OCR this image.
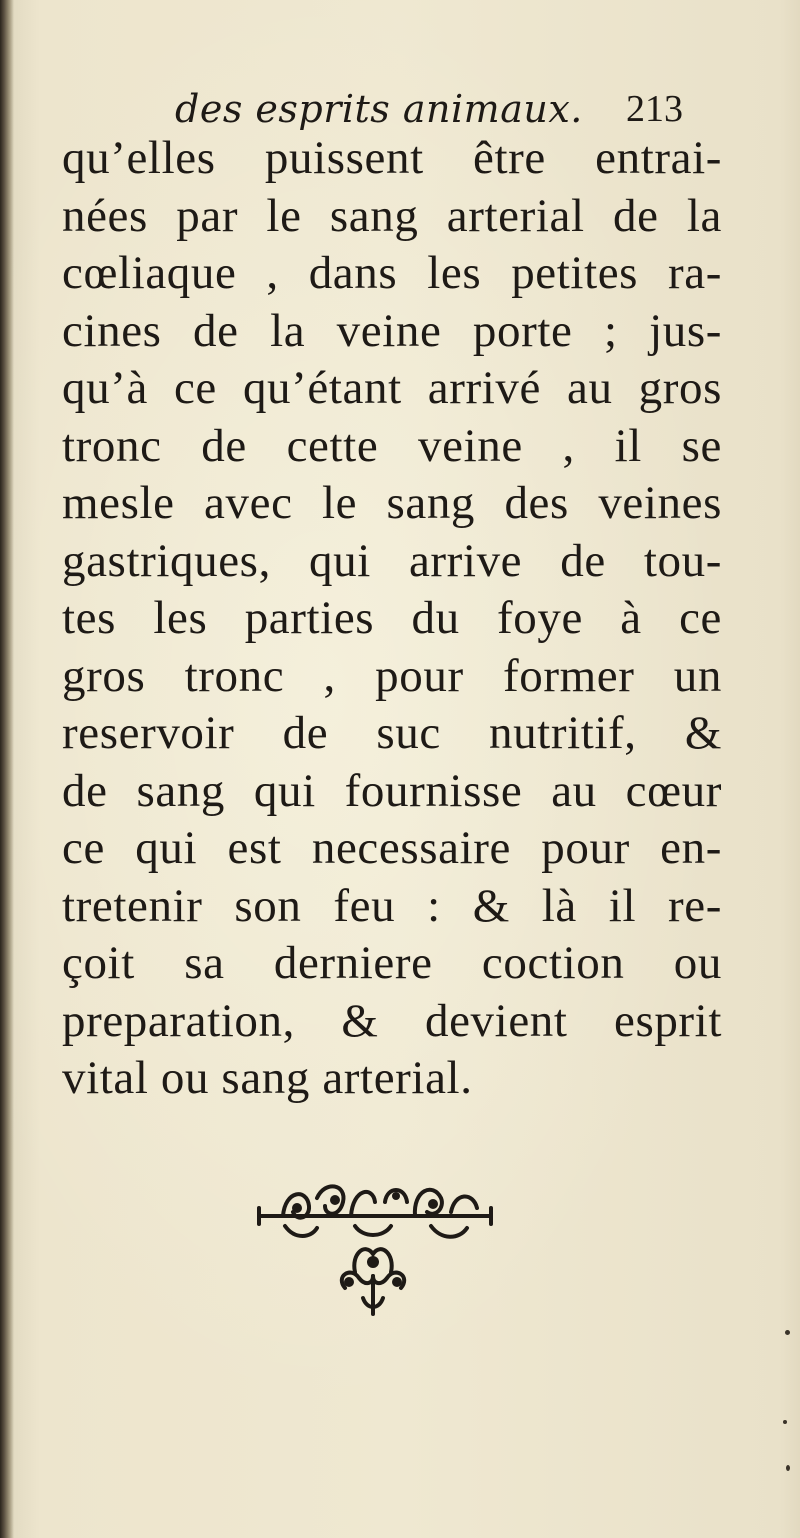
des esprits animaux. 213
qu’elles puissent être entrai-
nées par le sang arterial de la
cœliaque , dans les petites ra-
cines de la veine porte ; jus-
qu’à ce qu’étant arrivé au gros
tronc de cette veine , il se
mesle avec le sang des veines
gastriques, qui arrive de tou-
tes les parties du foye à ce
gros tronc , pour former un
reservoir de suc nutritif, &
de sang qui fournisse au cœur
ce qui est necessaire pour en-
tretenir son feu : & là il re-
çoit sa derniere coction ou
preparation, & devient esprit
vital ou sang arterial.
